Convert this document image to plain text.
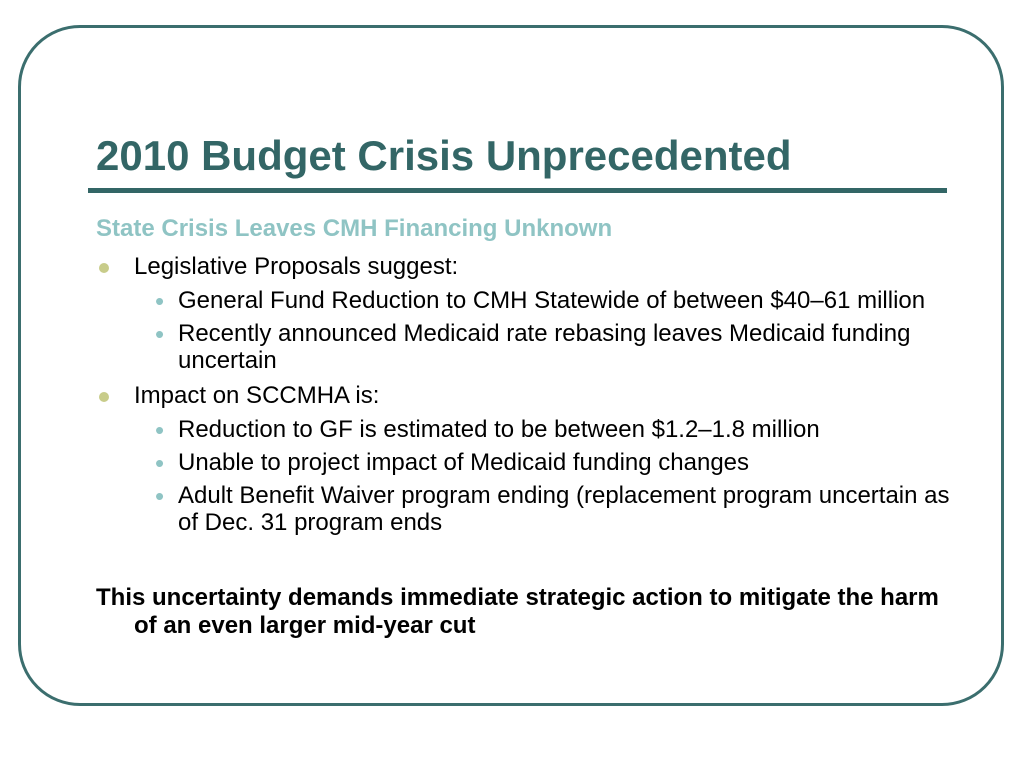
2010 Budget Crisis Unprecedented
State Crisis Leaves CMH Financing Unknown
Legislative Proposals suggest:
• General Fund Reduction to CMH Statewide of between $40–61 million
• Recently announced Medicaid rate rebasing leaves Medicaid funding uncertain
Impact on SCCMHA is:
• Reduction to GF is estimated to be between $1.2–1.8 million
• Unable to project impact of Medicaid funding changes
• Adult Benefit Waiver program ending (replacement program uncertain as of Dec. 31 program ends
This uncertainty demands immediate strategic action to mitigate the harm of an even larger mid-year cut
